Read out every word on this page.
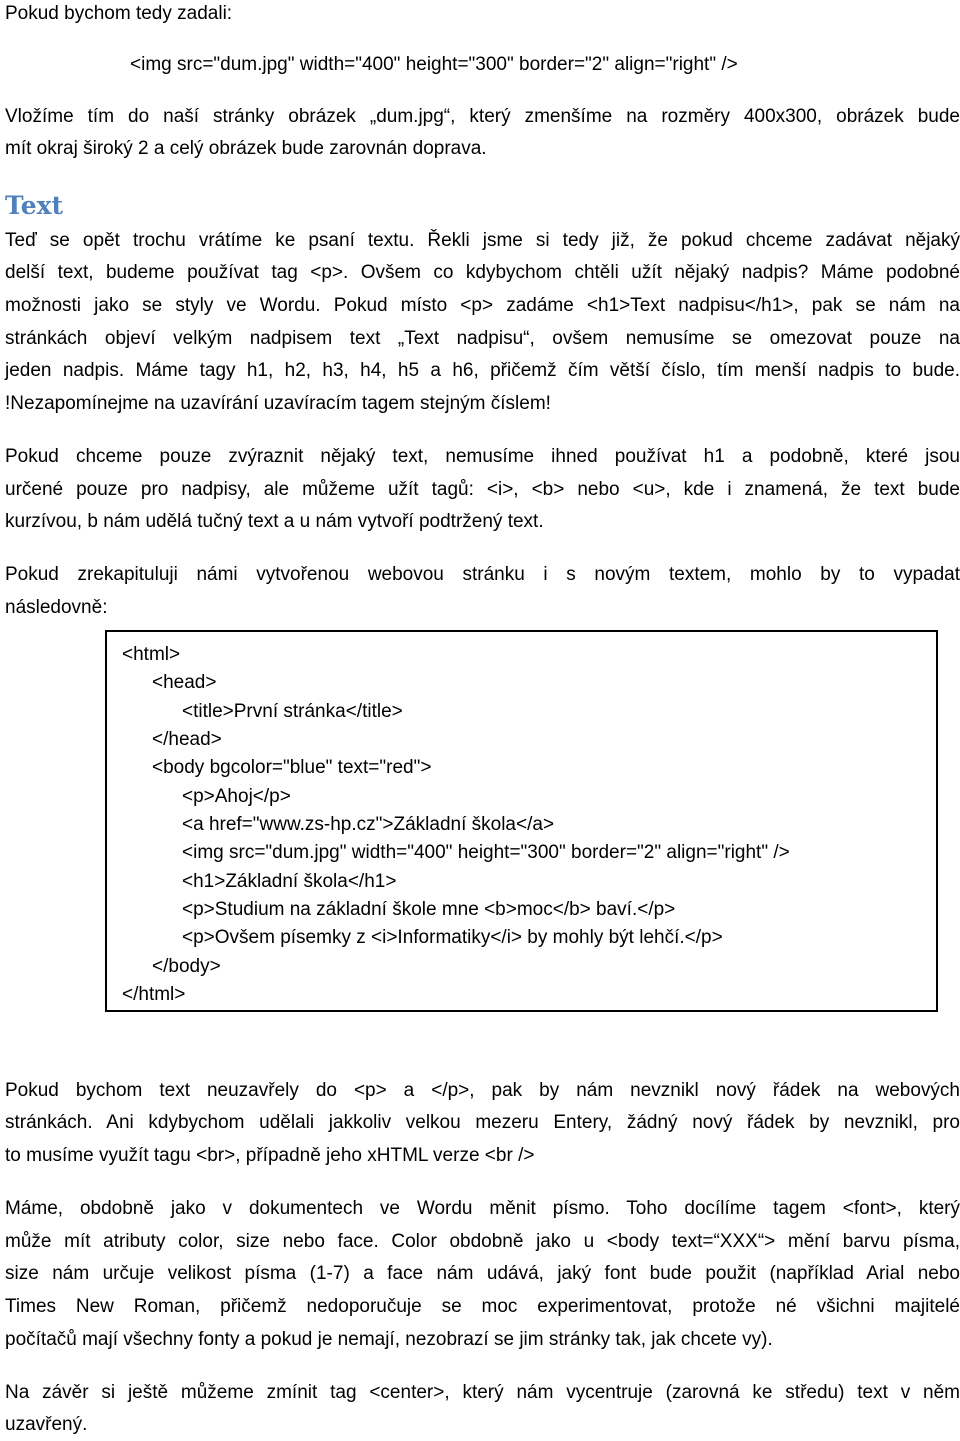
Pokud bychom tedy zadali:
<img src="dum.jpg" width="400" height="300" border="2" align="right" />
Vložíme tím do naší stránky obrázek „dum.jpg“, který zmenšíme na rozměry 400x300, obrázek bude
mít okraj široký 2 a celý obrázek bude zarovnán doprava.
Text
Teď se opět trochu vrátíme ke psaní textu. Řekli jsme si tedy již, že pokud chceme zadávat nějaký
delší text, budeme používat tag <p>. Ovšem co kdybychom chtěli užít nějaký nadpis? Máme podobné
možnosti jako se styly ve Wordu. Pokud místo <p> zadáme <h1>Text nadpisu</h1>, pak se nám na
stránkách objeví velkým nadpisem text „Text nadpisu“, ovšem nemusíme se omezovat pouze na
jeden nadpis. Máme tagy h1, h2, h3, h4, h5 a h6, přičemž čím větší číslo, tím menší nadpis to bude.
!Nezapomínejme na uzavírání uzavíracím tagem stejným číslem!
Pokud chceme pouze zvýraznit nějaký text, nemusíme ihned používat h1 a podobně, které jsou
určené pouze pro nadpisy, ale můžeme užít tagů: <i>, <b> nebo <u>, kde i znamená, že text bude
kurzívou, b nám udělá tučný text a u nám vytvoří podtržený text.
Pokud zrekapituluji námi vytvořenou webovou stránku i s novým textem, mohlo by to vypadat
následovně:
<html>
<head>
<title>První stránka</title>
</head>
<body bgcolor="blue" text="red">
<p>Ahoj</p>
<a href="www.zs-hp.cz">Základní škola</a>
<img src="dum.jpg" width="400" height="300" border="2" align="right" />
<h1>Základní škola</h1>
<p>Studium na základní škole mne <b>moc</b> baví.</p>
<p>Ovšem písemky z <i>Informatiky</i> by mohly být lehčí.</p>
</body>
</html>
Pokud bychom text neuzavřely do <p> a </p>, pak by nám nevznikl nový řádek na webových
stránkách. Ani kdybychom udělali jakkoliv velkou mezeru Entery, žádný nový řádek by nevznikl, pro
to musíme využít tagu <br>, případně jeho xHTML verze <br />
Máme, obdobně jako v dokumentech ve Wordu měnit písmo. Toho docílíme tagem <font>, který
může mít atributy color, size nebo face. Color obdobně jako u <body text=“XXX“> mění barvu písma,
size nám určuje velikost písma (1-7) a face nám udává, jaký font bude použit (například Arial nebo
Times New Roman, přičemž nedoporučuje se moc experimentovat, protože né všichni majitelé
počítačů mají všechny fonty a pokud je nemají, nezobrazí se jim stránky tak, jak chcete vy).
Na závěr si ještě můžeme zmínit tag <center>, který nám vycentruje (zarovná ke středu) text v něm
uzavřený.
